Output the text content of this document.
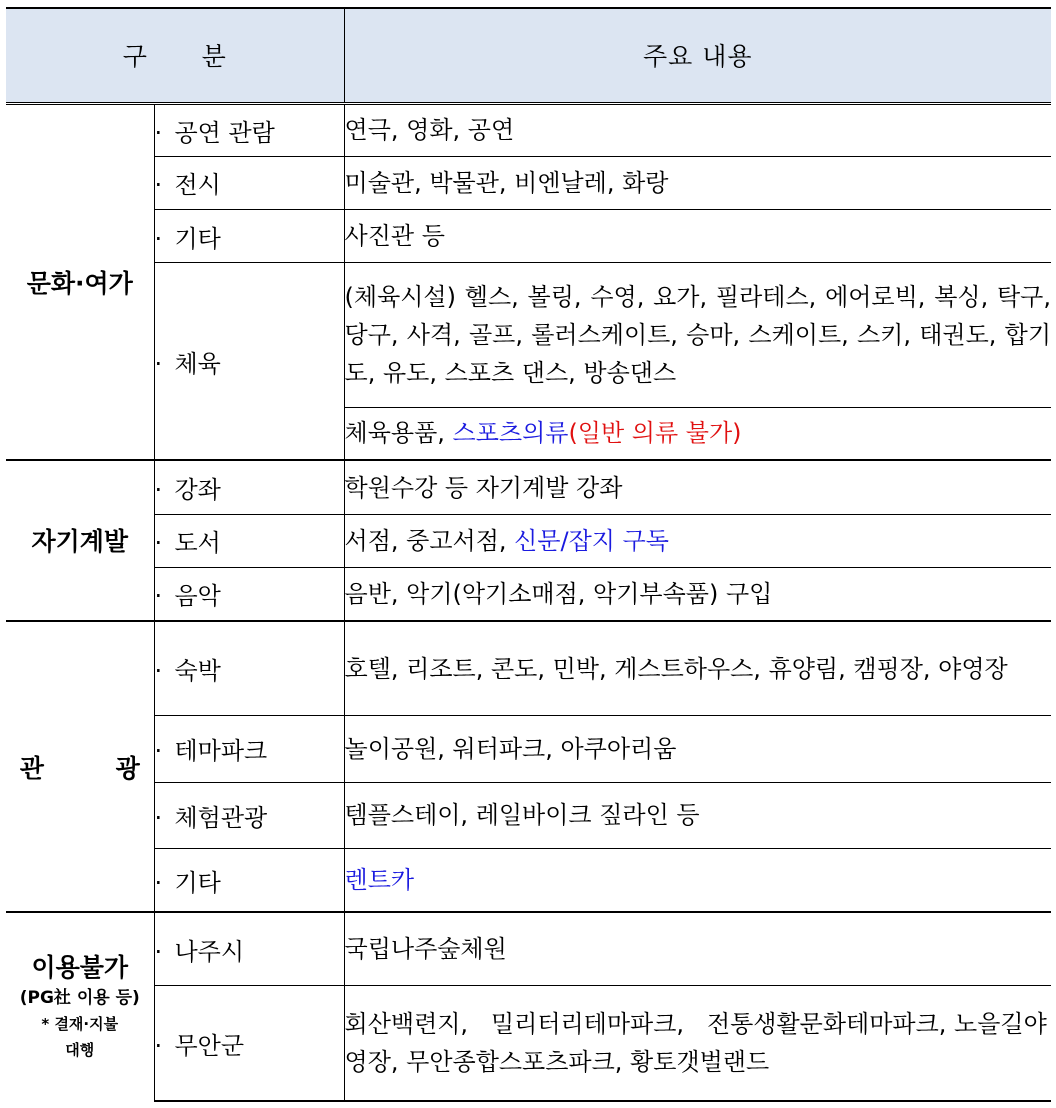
구      분		주요 내용
문화·여가	· 공연 관람	연극, 영화, 공연
	· 전시	미술관, 박물관, 비엔날레, 화랑
	· 기타	사진관 등
	· 체육	(체육시설) 헬스, 볼링, 수영, 요가, 필라테스, 에어로빅, 복싱, 탁구, 당구, 사격, 골프, 롤러스케이트, 승마, 스케이트, 스키, 태권도, 합기도, 유도, 스포츠 댄스, 방송댄스
		체육용품, 스포츠의류(일반 의류 불가)
자기계발	· 강좌	학원수강 등 자기계발 강좌
	· 도서	서점, 중고서점, 신문/잡지 구독
	· 음악	음반, 악기(악기소매점, 악기부속품) 구입
관 광	· 숙박	호텔, 리조트, 콘도, 민박, 게스트하우스, 휴양림, 캠핑장, 야영장
	· 테마파크	놀이공원, 워터파크, 아쿠아리움
	· 체험관광	템플스테이, 레일바이크 짚라인 등
	· 기타	렌트카

이용불가
(PG社 이용 등)
* 결재·지불
대행	· 나주시	국립나주숲체원
	· 무안군	회산백련지,   밀리터리테마파크,   전통생활문화테마파크, 노을길야영장, 무안종합스포츠파크, 황토갯벌랜드
